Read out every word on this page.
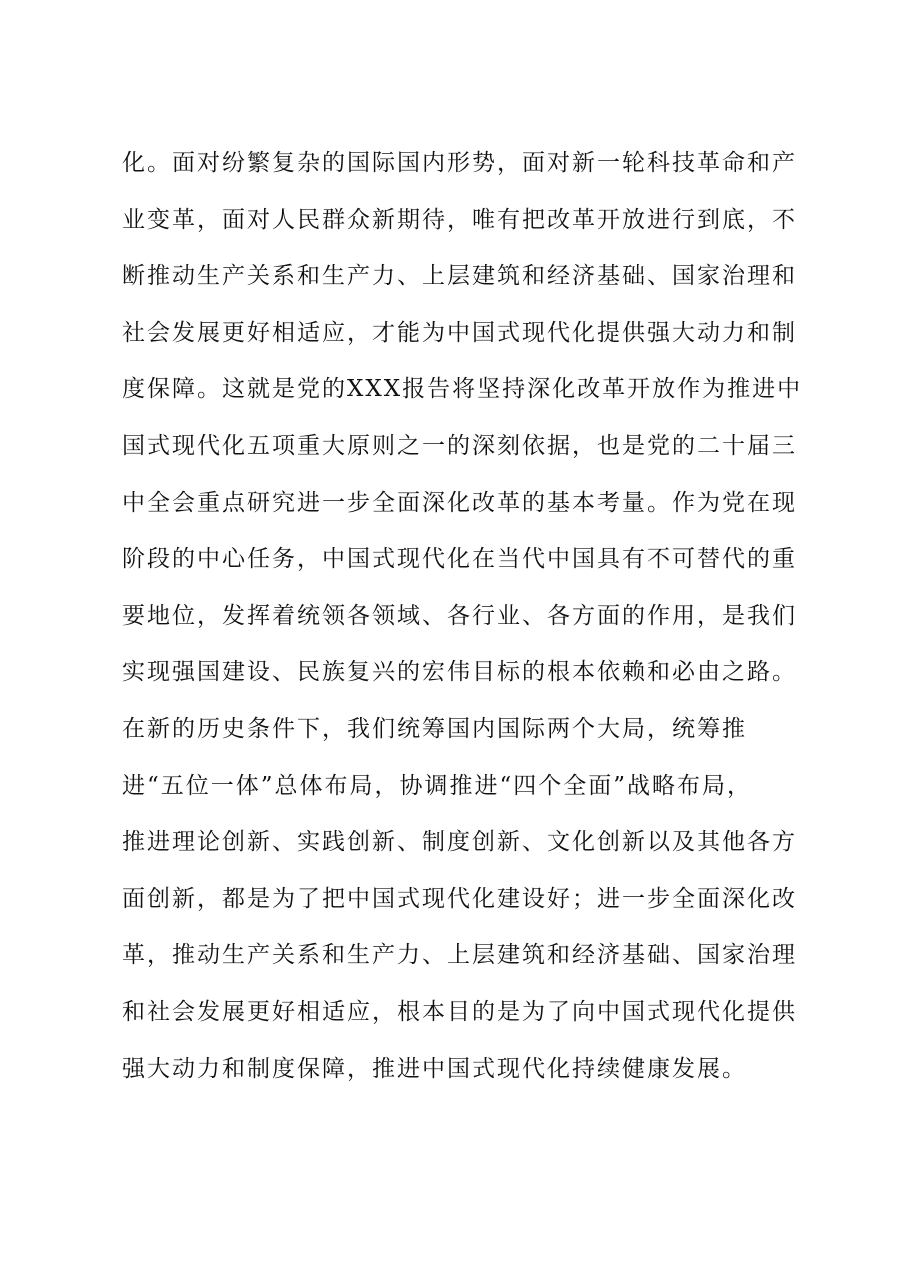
化。面对纷繁复杂的国际国内形势，面对新一轮科技革命和产
业变革，面对人民群众新期待，唯有把改革开放进行到底，不
断推动生产关系和生产力、上层建筑和经济基础、国家治理和
社会发展更好相适应，才能为中国式现代化提供强大动力和制
度保障。这就是党的XXX报告将坚持深化改革开放作为推进中
国式现代化五项重大原则之一的深刻依据，也是党的二十届三
中全会重点研究进一步全面深化改革的基本考量。作为党在现
阶段的中心任务，中国式现代化在当代中国具有不可替代的重
要地位，发挥着统领各领域、各行业、各方面的作用，是我们
实现强国建设、民族复兴的宏伟目标的根本依赖和必由之路。
在新的历史条件下，我们统筹国内国际两个大局，统筹推
进“五位一体”总体布局，协调推进“四个全面”战略布局，
推进理论创新、实践创新、制度创新、文化创新以及其他各方
面创新，都是为了把中国式现代化建设好；进一步全面深化改
革，推动生产关系和生产力、上层建筑和经济基础、国家治理
和社会发展更好相适应，根本目的是为了向中国式现代化提供
强大动力和制度保障，推进中国式现代化持续健康发展。
